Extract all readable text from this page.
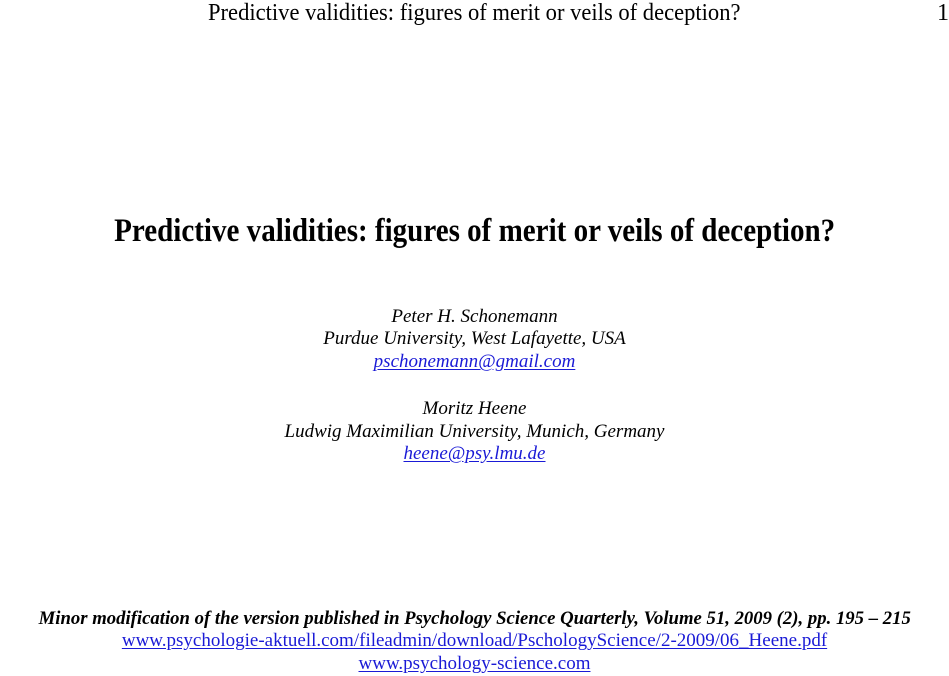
Predictive validities: figures of merit or veils of deception?	1
Predictive validities: figures of merit or veils of deception?
Peter H. Schonemann
Purdue University, West Lafayette, USA
pschonemann@gmail.com
Moritz Heene
Ludwig Maximilian University, Munich, Germany
heene@psy.lmu.de
Minor modification of the version published in Psychology Science Quarterly, Volume 51, 2009 (2), pp. 195 – 215
www.psychologie-aktuell.com/fileadmin/download/PschologyScience/2-2009/06_Heene.pdf
www.psychology-science.com
